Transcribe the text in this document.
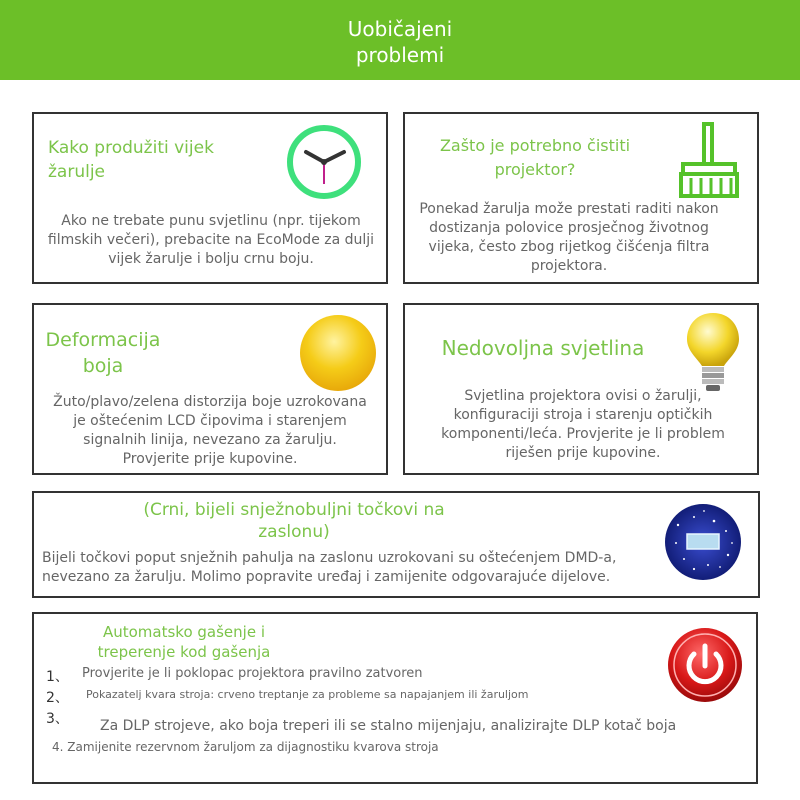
Uobičajeni
problemi
Kako produžiti vijek žarulje
Ako ne trebate punu svjetlinu (npr. tijekom filmskih večeri), prebacite na EcoMode za dulji vijek žarulje i bolju crnu boju.
Zašto je potrebno čistiti projektor?
Ponekad žarulja može prestati raditi nakon dostizanja polovice prosječnog životnog vijeka, često zbog rijetkog čišćenja filtra projektora.
Deformacija boja
Žuto/plavo/zelena distorzija boje uzrokovana je oštećenim LCD čipovima i starenjem signalnih linija, nevezano za žarulju. Provjerite prije kupovine.
Nedovoljna svjetlina
Svjetlina projektora ovisi o žarulji, konfiguraciji stroja i starenju optičkih komponenti/leća. Provjerite je li problem riješen prije kupovine.
(Crni, bijeli snježnobuljni točkovi na zaslonu)
Bijeli točkovi poput snježnih pahulja na zaslonu uzrokovani su oštećenjem DMD-a, nevezano za žarulju. Molimo popravite uređaj i zamijenite odgovarajuće dijelove.
Automatsko gašenje i treperenje kod gašenja
1、 Provjerite je li poklopac projektora pravilno zatvoren
2、 Pokazatelj kvara stroja: crveno treptanje za probleme sa napajanjem ili žaruljom
3、 Za DLP strojeve, ako boja treperi ili se stalno mijenjaju, analizirajte DLP kotač boja
4. Zamijenite rezervnom žaruljom za dijagnostiku kvarova stroja
